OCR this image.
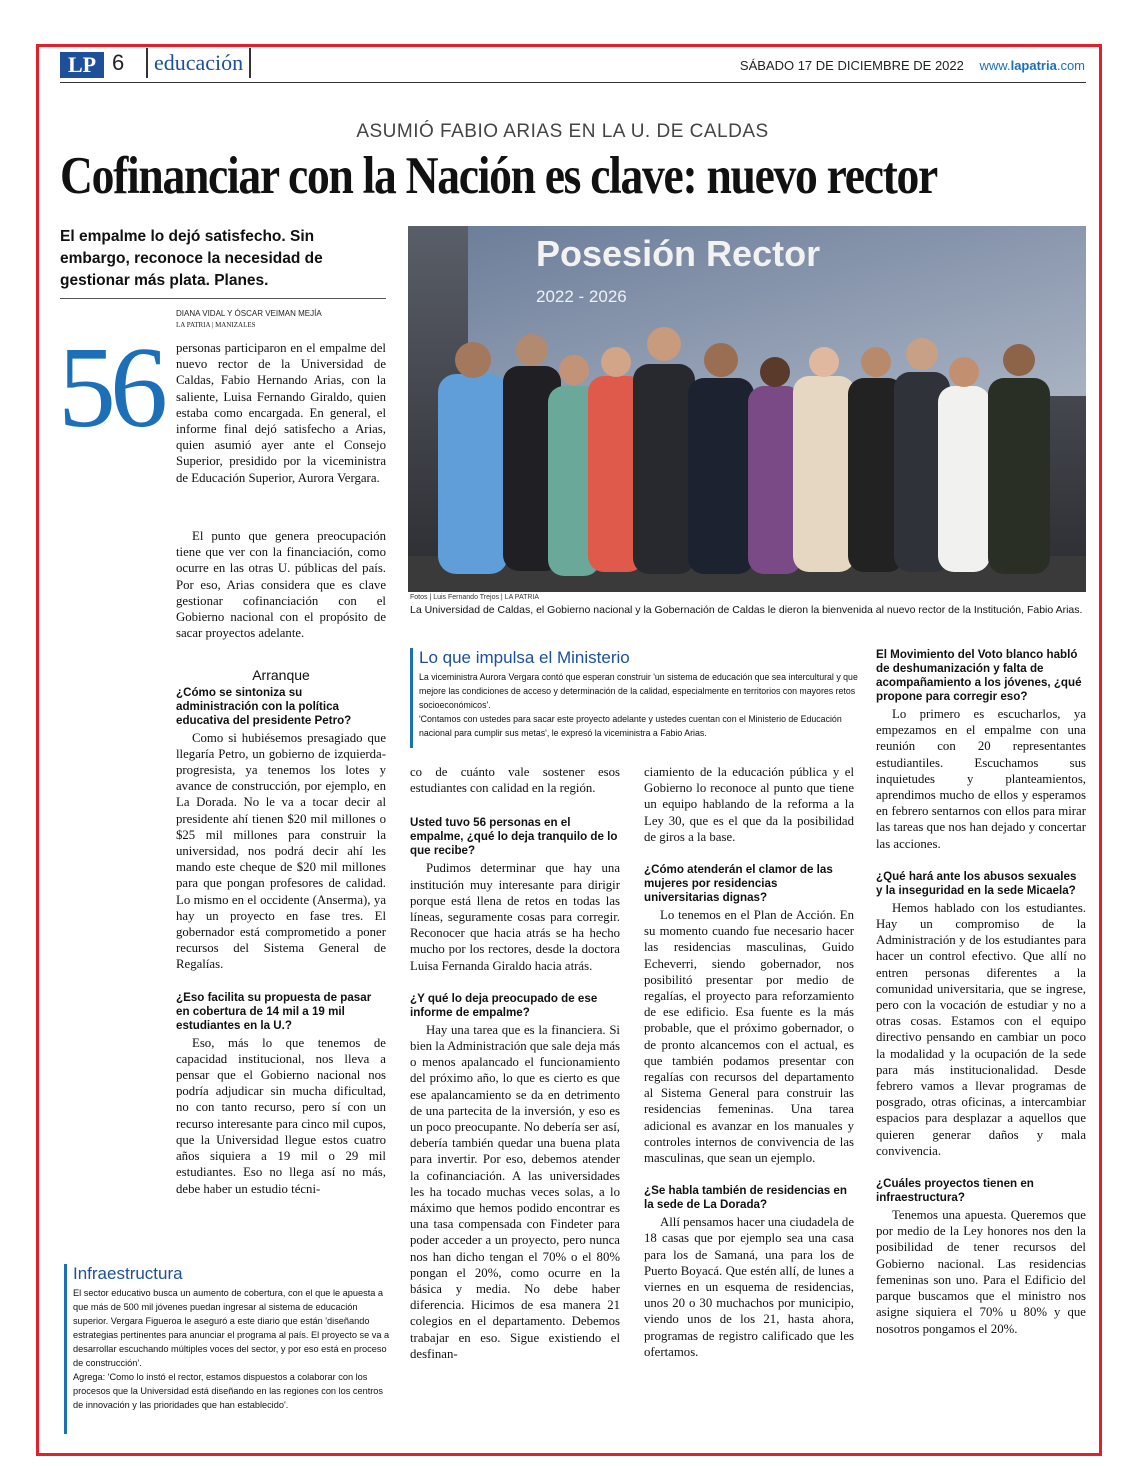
LP 6	educación	SÁBADO 17 DE DICIEMBRE DE 2022 www.lapatria.com
ASUMIÓ FABIO ARIAS EN LA U. DE CALDAS
Cofinanciar con la Nación es clave: nuevo rector
El empalme lo dejó satisfecho. Sin embargo, reconoce la necesidad de gestionar más plata. Planes.
DIANA VIDAL Y ÓSCAR VEIMAN MEJÍA
LA PATRIA | MANIZALES
56 personas participaron en el empalme del nuevo rector de la Universidad de Caldas, Fabio Hernando Arias, con la saliente, Luisa Fernando Giraldo, quien estaba como encargada. En general, el informe final dejó satisfecho a Arias, quien asumió ayer ante el Consejo Superior, presidido por la viceministra de Educación Superior, Aurora Vergara.

El punto que genera preocupación tiene que ver con la financiación, como ocurre en las otras U. públicas del país. Por eso, Arias considera que es clave gestionar cofinanciación con el Gobierno nacional con el propósito de sacar proyectos adelante.

Arranque
¿Cómo se sintoniza su administración con la política educativa del presidente Petro?

Como si hubiésemos presagiado que llegaría Petro, un gobierno de izquierda-progresista, ya tenemos los lotes y avance de construcción, por ejemplo, en La Dorada. No le va a tocar decir al presidente ahí tienen $20 mil millones o $25 mil millones para construir la universidad, nos podrá decir ahí les mando este cheque de $20 mil millones para que pongan profesores de calidad. Lo mismo en el occidente (Anserma), ya hay un proyecto en fase tres. El gobernador está comprometido a poner recursos del Sistema General de Regalías.

¿Eso facilita su propuesta de pasar en cobertura de 14 mil a 19 mil estudiantes en la U.?

Eso, más lo que tenemos de capacidad institucional, nos lleva a pensar que el Gobierno nacional nos podría adjudicar sin mucha dificultad, no con tanto recurso, pero sí con un recurso interesante para cinco mil cupos, que la Universidad llegue estos cuatro años siquiera a 19 mil o 29 mil estudiantes. Eso no llega así no más, debe haber un estudio técni-

Infraestructura

El sector educativo busca un aumento de cobertura, con el que le apuesta a que más de 500 mil jóvenes puedan ingresar al sistema de educación superior. Vergara Figueroa le aseguró a este diario que están 'diseñando estrategias pertinentes para anunciar el programa al país. El proyecto se va a desarrollar escuchando múltiples voces del sector, y por eso está en proceso de construcción'.

Agrega: 'Como lo instó el rector, estamos dispuestos a colaborar con los procesos que la Universidad está diseñando en las regiones con los centros de innovación y las prioridades que han establecido'.

Posesión Rector
2022 - 2026
Fotos | Luis Fernando Trejos | LA PATRIA
La Universidad de Caldas, el Gobierno nacional y la Gobernación de Caldas le dieron la bienvenida al nuevo rector de la Institución, Fabio Arias.
Lo que impulsa el Ministerio

La viceministra Aurora Vergara contó que esperan construir 'un sistema de educación que sea intercultural y que mejore las condiciones de acceso y determinación de la calidad, especialmente en territorios con mayores retos socioeconómicos'.

'Contamos con ustedes para sacar este proyecto adelante y ustedes cuentan con el Ministerio de Educación nacional para cumplir sus metas', le expresó la viceministra a Fabio Arias.

co de cuánto vale sostener esos estudiantes con calidad en la región.

Usted tuvo 56 personas en el empalme, ¿qué lo deja tranquilo de lo que recibe?

Pudimos determinar que hay una institución muy interesante para dirigir porque está llena de retos en todas las líneas, seguramente cosas para corregir. Reconocer que hacia atrás se ha hecho mucho por los rectores, desde la doctora Luisa Fernanda Giraldo hacia atrás.

¿Y qué lo deja preocupado de ese informe de empalme?

Hay una tarea que es la financiera. Si bien la Administración que sale deja más o menos apalancado el funcionamiento del próximo año, lo que es cierto es que ese apalancamiento se da en detrimento de una partecita de la inversión, y eso es un poco preocupante. No debería ser así, debería también quedar una buena plata para invertir. Por eso, debemos atender la cofinanciación. A las universidades les ha tocado muchas veces solas, a lo máximo que hemos podido encontrar es una tasa compensada con Findeter para poder acceder a un proyecto, pero nunca nos han dicho tengan el 70% o el 80% pongan el 20%, como ocurre en la básica y media. No debe haber diferencia. Hicimos de esa manera 21 colegios en el departamento. Debemos trabajar en eso. Sigue existiendo el desfinan-

ciamiento de la educación pública y el Gobierno lo reconoce al punto que tiene un equipo hablando de la reforma a la Ley 30, que es el que da la posibilidad de giros a la base.

¿Cómo atenderán el clamor de las mujeres por residencias universitarias dignas?

Lo tenemos en el Plan de Acción. En su momento cuando fue necesario hacer las residencias masculinas, Guido Echeverri, siendo gobernador, nos posibilitó presentar por medio de regalías, el proyecto para reforzamiento de ese edificio. Esa fuente es la más probable, que el próximo gobernador, o de pronto alcancemos con el actual, es que también podamos presentar con regalías con recursos del departamento al Sistema General para construir las residencias femeninas. Una tarea adicional es avanzar en los manuales y controles internos de convivencia de las masculinas, que sean un ejemplo.

¿Se habla también de residencias en la sede de La Dorada?

Allí pensamos hacer una ciudadela de 18 casas que por ejemplo sea una casa para los de Samaná, una para los de Puerto Boyacá. Que estén allí, de lunes a viernes en un esquema de residencias, unos 20 o 30 muchachos por municipio, viendo unos de los 21, hasta ahora, programas de registro calificado que les ofertamos.

El Movimiento del Voto blanco habló de deshumanización y falta de acompañamiento a los jóvenes, ¿qué propone para corregir eso?

Lo primero es escucharlos, ya empezamos en el empalme con una reunión con 20 representantes estudiantiles. Escuchamos sus inquietudes y planteamientos, aprendimos mucho de ellos y esperamos en febrero sentarnos con ellos para mirar las tareas que nos han dejado y concertar las acciones.

¿Qué hará ante los abusos sexuales y la inseguridad en la sede Micaela?

Hemos hablado con los estudiantes. Hay un compromiso de la Administración y de los estudiantes para hacer un control efectivo. Que allí no entren personas diferentes a la comunidad universitaria, que se ingrese, pero con la vocación de estudiar y no a otras cosas. Estamos con el equipo directivo pensando en cambiar un poco la modalidad y la ocupación de la sede para más institucionalidad. Desde febrero vamos a llevar programas de posgrado, otras oficinas, a intercambiar espacios para desplazar a aquellos que quieren generar daños y mala convivencia.

¿Cuáles proyectos tienen en infraestructura?

Tenemos una apuesta. Queremos que por medio de la Ley honores nos den la posibilidad de tener recursos del Gobierno nacional. Las residencias femeninas son uno. Para el Edificio del parque buscamos que el ministro nos asigne siquiera el 70% u 80% y que nosotros pongamos el 20%.
